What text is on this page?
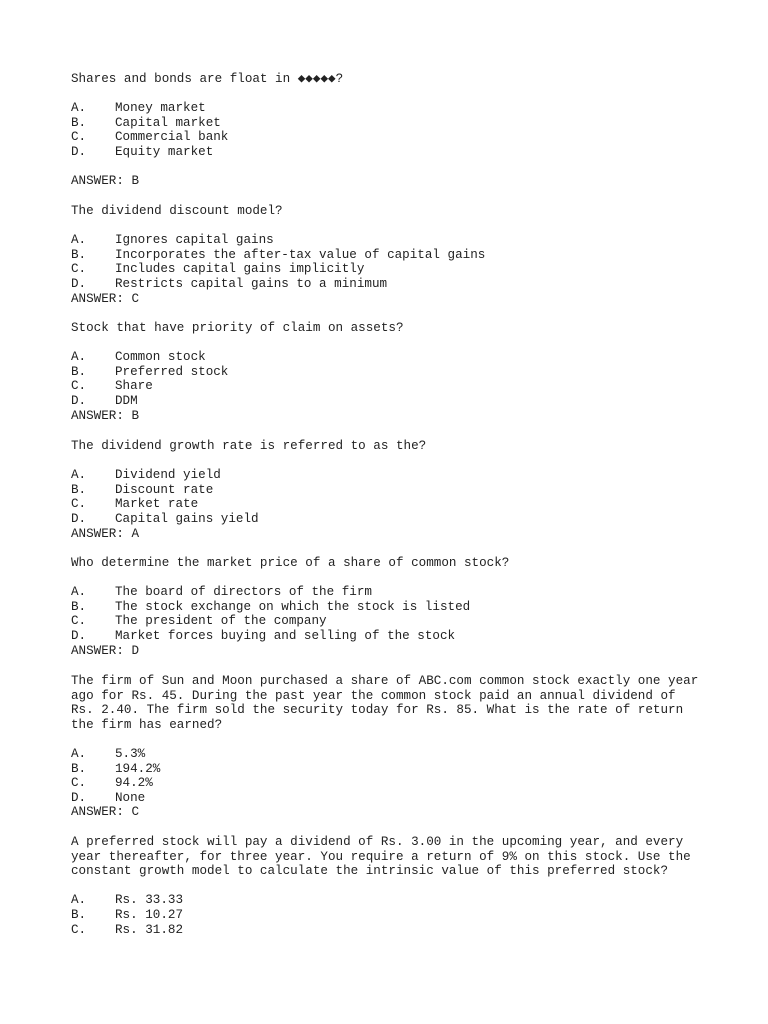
Shares and bonds are float in ◆◆◆◆◆?
A.	Money market
B.	Capital market
C.	Commercial bank
D.	Equity market
ANSWER: B
The dividend discount model?
A.	Ignores capital gains
B.	Incorporates the after-tax value of capital gains
C.	Includes capital gains implicitly
D.	Restricts capital gains to a minimum
ANSWER: C
Stock that have priority of claim on assets?
A.	Common stock
B.	Preferred stock
C.	Share
D.	DDM
ANSWER: B
The dividend growth rate is referred to as the?
A.	Dividend yield
B.	Discount rate
C.	Market rate
D.	Capital gains yield
ANSWER: A
Who determine the market price of a share of common stock?
A.	The board of directors of the firm
B.	The stock exchange on which the stock is listed
C.	The president of the company
D.	Market forces buying and selling of the stock
ANSWER: D
The firm of Sun and Moon purchased a share of ABC.com common stock exactly one year
ago for Rs. 45. During the past year the common stock paid an annual dividend of
Rs. 2.40. The firm sold the security today for Rs. 85. What is the rate of return
the firm has earned?
A.	5.3%
B.	194.2%
C.	94.2%
D.	None
ANSWER: C
A preferred stock will pay a dividend of Rs. 3.00 in the upcoming year, and every
year thereafter, for three year. You require a return of 9% on this stock. Use the
constant growth model to calculate the intrinsic value of this preferred stock?
A.	Rs. 33.33
B.	Rs. 10.27
C.	Rs. 31.82
